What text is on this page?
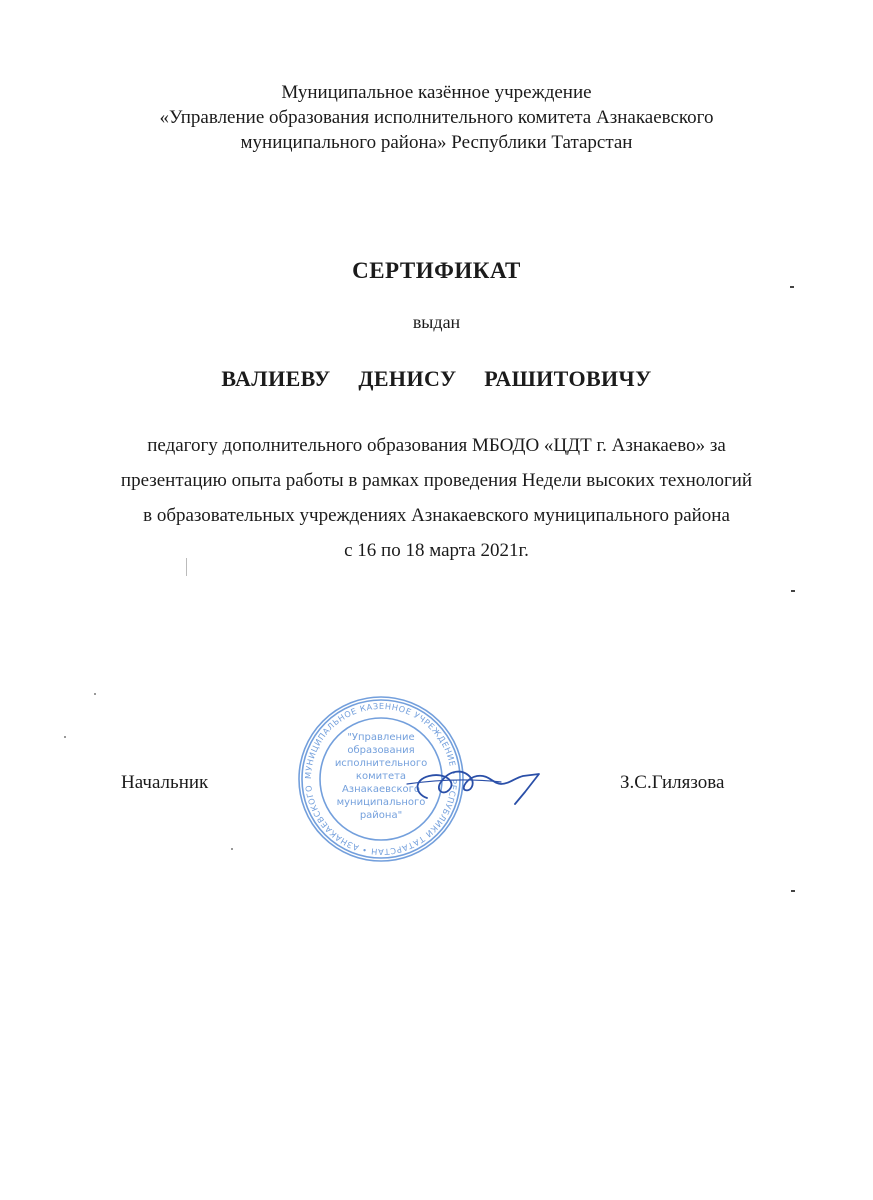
Муниципальное казённое учреждение
«Управление образования исполнительного комитета Азнакаевского
муниципального района» Республики Татарстан
СЕРТИФИКАТ
выдан
ВАЛИЕВУ  ДЕНИСУ  РАШИТОВИЧУ
педагогу дополнительного образования МБОДО «ЦДТ г. Азнакаево» за
презентацию опыта работы в рамках проведения Недели высоких технологий
в образовательных учреждениях Азнакаевского муниципального района
с 16 по 18 марта 2021г.
Начальник	З.С.Гилязова
МУНИЦИПАЛЬНОЕ КАЗЕННОЕ УЧРЕЖДЕНИЕ • РЕСПУБЛИКИ ТАТАРСТАН • АЗНАКАЕВСКОГО
"Управление
образования
исполнительного
комитета
Азнакаевского
муниципального
района"
